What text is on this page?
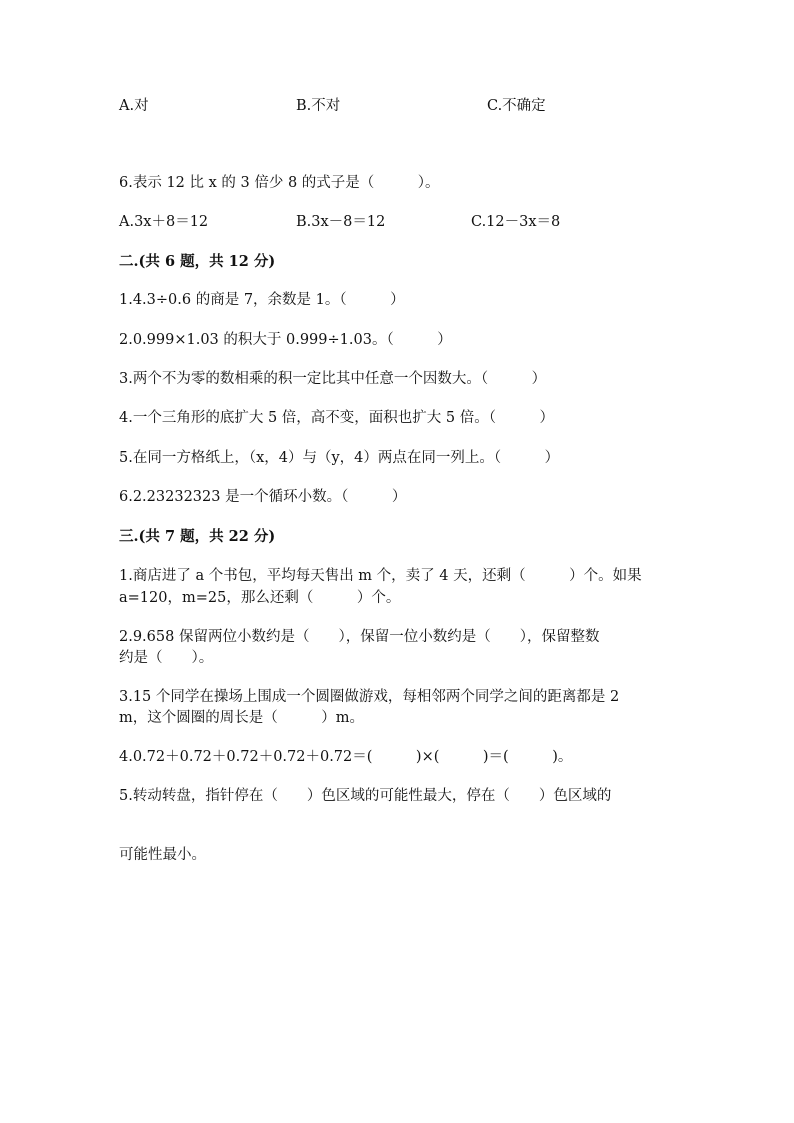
A.对	B.不对	C.不确定
6.表示 12 比 x 的 3 倍少 8 的式子是（　　　）。
A.3x＋8＝12	B.3x－8＝12	C.12－3x＝8
二.(共 6 题，共 12 分)
1.4.3÷0.6 的商是 7，余数是 1。（　　　）
2.0.999×1.03 的积大于 0.999÷1.03。（　　　）
3.两个不为零的数相乘的积一定比其中任意一个因数大。（　　　）
4.一个三角形的底扩大 5 倍，高不变，面积也扩大 5 倍。（　　　）
5.在同一方格纸上，（x，4）与（y，4）两点在同一列上。（　　　）
6.2.23232323 是一个循环小数。（　　　）
三.(共 7 题，共 22 分)
1.商店进了 a 个书包，平均每天售出 m 个，卖了 4 天，还剩（　　　）个。如果
a=120，m=25，那么还剩（　　　）个。
2.9.658 保留两位小数约是（　　），保留一位小数约是（　　），保留整数
约是（　　）。
3.15 个同学在操场上围成一个圆圈做游戏，每相邻两个同学之间的距离都是 2
m，这个圆圈的周长是（　　　）m。
4.0.72＋0.72＋0.72＋0.72＋0.72＝(　　　)×(　　　)＝(　　　)。
5.转动转盘，指针停在（　　）色区域的可能性最大，停在（　　）色区域的
可能性最小。
